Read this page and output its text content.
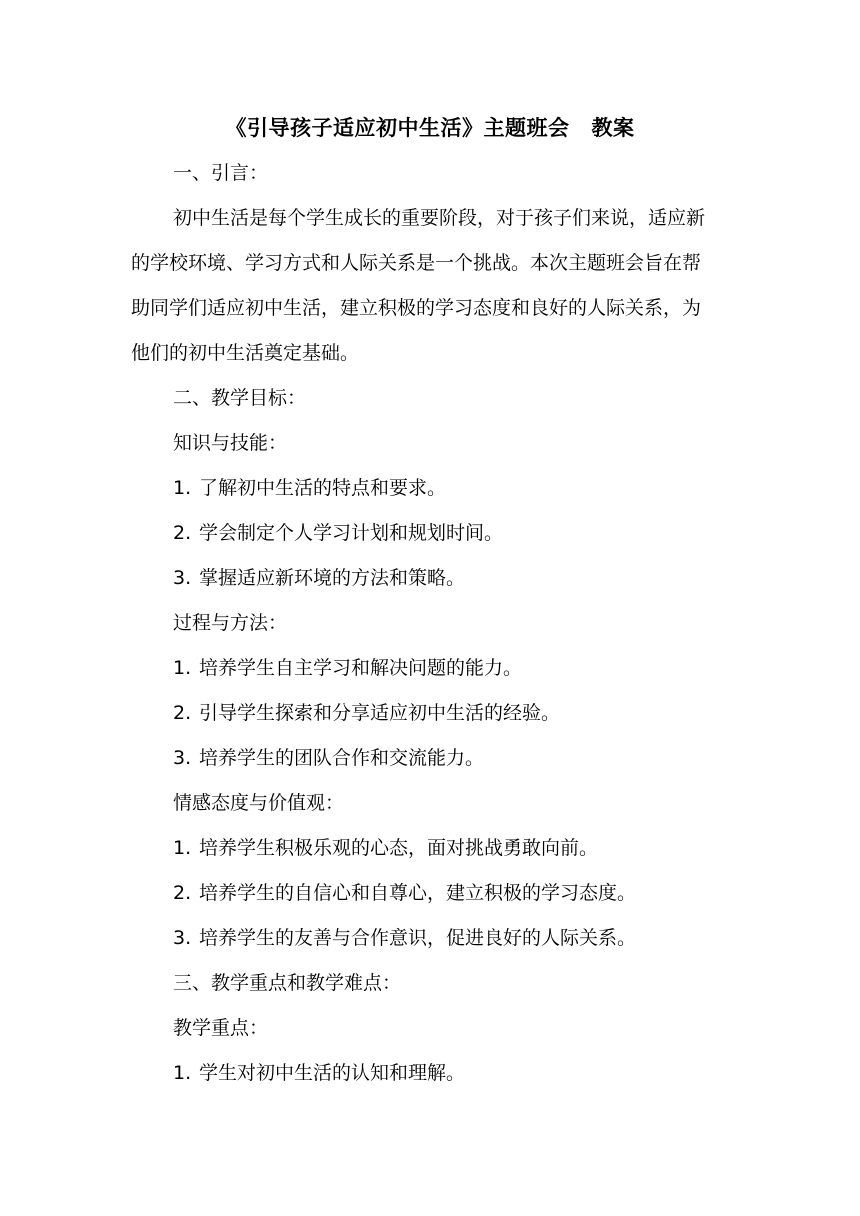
《引导孩子适应初中生活》主题班会 教案
一、引言：
初中生活是每个学生成长的重要阶段，对于孩子们来说，适应新
的学校环境、学习方式和人际关系是一个挑战。本次主题班会旨在帮
助同学们适应初中生活，建立积极的学习态度和良好的人际关系，为
他们的初中生活奠定基础。
二、教学目标：
知识与技能：
1. 了解初中生活的特点和要求。
2. 学会制定个人学习计划和规划时间。
3. 掌握适应新环境的方法和策略。
过程与方法：
1. 培养学生自主学习和解决问题的能力。
2. 引导学生探索和分享适应初中生活的经验。
3. 培养学生的团队合作和交流能力。
情感态度与价值观：
1. 培养学生积极乐观的心态，面对挑战勇敢向前。
2. 培养学生的自信心和自尊心，建立积极的学习态度。
3. 培养学生的友善与合作意识，促进良好的人际关系。
三、教学重点和教学难点：
教学重点：
1. 学生对初中生活的认知和理解。
